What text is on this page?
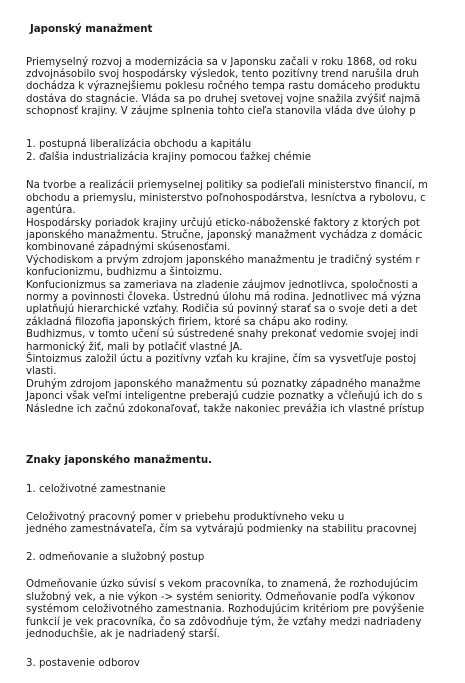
Japonský manažment
Priemyselný rozvoj a modernizácia sa v Japonsku začali v roku 1868, od roku
zdvojnásobilo svoj hospodársky výsledok, tento pozitívny trend narušila druh
dochádza k výraznejšiemu poklesu ročného tempa rastu domáceho produktu
dostáva do stagnácie. Vláda sa po druhej svetovej vojne snažila zvýšiť najmä
schopnosť krajiny. V záujme splnenia tohto cieľa stanovila vláda dve úlohy p
1. postupná liberalizácia obchodu a kapitálu
2. ďalšia industrializácia krajiny pomocou ťažkej chémie
Na tvorbe a realizácii priemyselnej politiky sa podieľali ministerstvo financií, m
obchodu a priemyslu, ministerstvo poľnohospodárstva, lesníctva a rybolovu, c
agentúra.
Hospodársky poriadok krajiny určujú eticko-náboženské faktory z ktorých pot
japonského manažmentu. Stručne, japonský manažment vychádza z domácic
kombinované západnými skúsenosťami.
Východiskom a prvým zdrojom japonského manažmentu je tradičný systém r
konfucionizmu, budhizmu a šintoizmu.
Konfucionizmus sa zameriava na zladenie záujmov jednotlivca, spoločnosti a
normy a povinnosti človeka. Ústrednú úlohu má rodina. Jednotlivec má význa
uplatňujú hierarchické vzťahy. Rodičia sú povinný starať sa o svoje deti a det
základná filozofia japonských firiem, ktoré sa chápu ako rodiny.
Budhizmus, v tomto učení sú sústredené snahy prekonať vedomie svojej indi
harmonický žiť, mali by potlačiť vlastné JA.
Šintoizmus založil úctu a pozitívny vzťah ku krajine, čím sa vysvetľuje postoj
vlasti.
Druhým zdrojom japonského manažmentu sú poznatky západného manažme
Japonci však veľmi inteligentne preberajú cudzie poznatky a včleňujú ich do s
Následne ich začnú zdokonaľovať, takže nakoniec prevážia ich vlastné prístup
Znaky japonského manažmentu.
1. celoživotné zamestnanie
Celoživotný pracovný pomer v priebehu produktívneho veku u
jedného zamestnávateľa, čím sa vytvárajú podmienky na stabilitu pracovnej
2. odmeňovanie a služobný postup
Odmeňovanie úzko súvisí s vekom pracovníka, to znamená, že rozhodujúcim
služobný vek, a nie výkon -> systém seniority. Odmeňovanie podľa výkonov
systémom celoživotného zamestnania. Rozhodujúcim kritériom pre povýšenie
funkcií je vek pracovníka, čo sa zdôvodňuje tým, že vzťahy medzi nadriadeny
jednoduchšie, ak je nadriadený starší.
3. postavenie odborov
